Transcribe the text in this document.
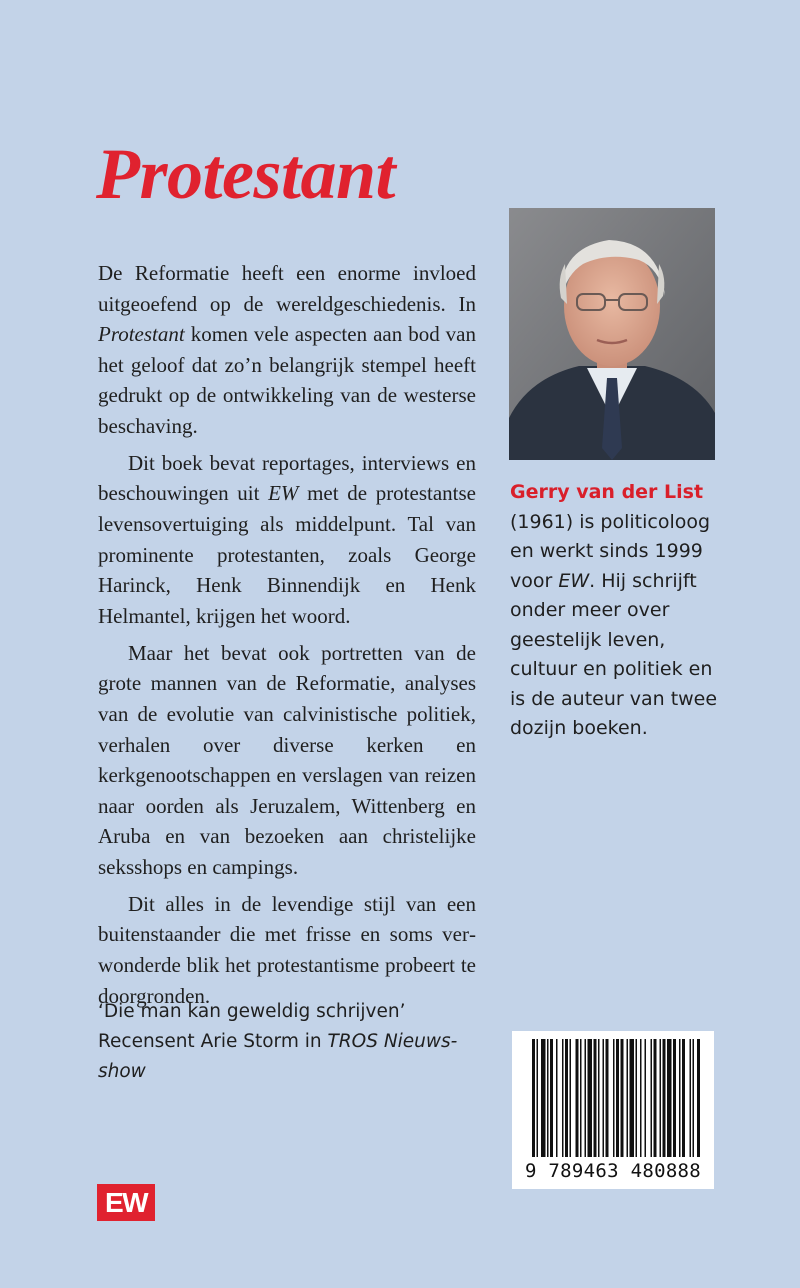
Protestant

De Reformatie heeft een enorme invloed uitgeoefend op de wereldgeschiedenis. In Protestant komen vele aspecten aan bod van het geloof dat zo’n belangrijk stempel heeft gedrukt op de ontwikkeling van de westerse beschaving.

Dit boek bevat reportages, interviews en beschouwingen uit EW met de protestantse levensovertuiging als middelpunt. Tal van prominente protestanten, zoals George Harinck, Henk Binnendijk en Henk Helmantel, krijgen het woord.

Maar het bevat ook portretten van de grote mannen van de Reformatie, analyses van de evolutie van calvinistische politiek, verhalen over diverse kerken en kerkgenootschappen en verslagen van reizen naar oorden als Jeruzalem, Wittenberg en Aruba en van bezoeken aan christelijke seksshops en campings.

Dit alles in de levendige stijl van een buitenstaander die met frisse en soms verwonderde blik het protestantisme probeert te doorgronden.

‘Die man kan geweldig schrijven’
Recensent Arie Storm in TROS Nieuws-
show
Gerry van der List
(1961) is politicoloog en werkt sinds 1999 voor EW. Hij schrijft onder meer over geestelijk leven, cultuur en politiek en is de auteur van twee dozijn boeken.
9 789463 480888
EW
